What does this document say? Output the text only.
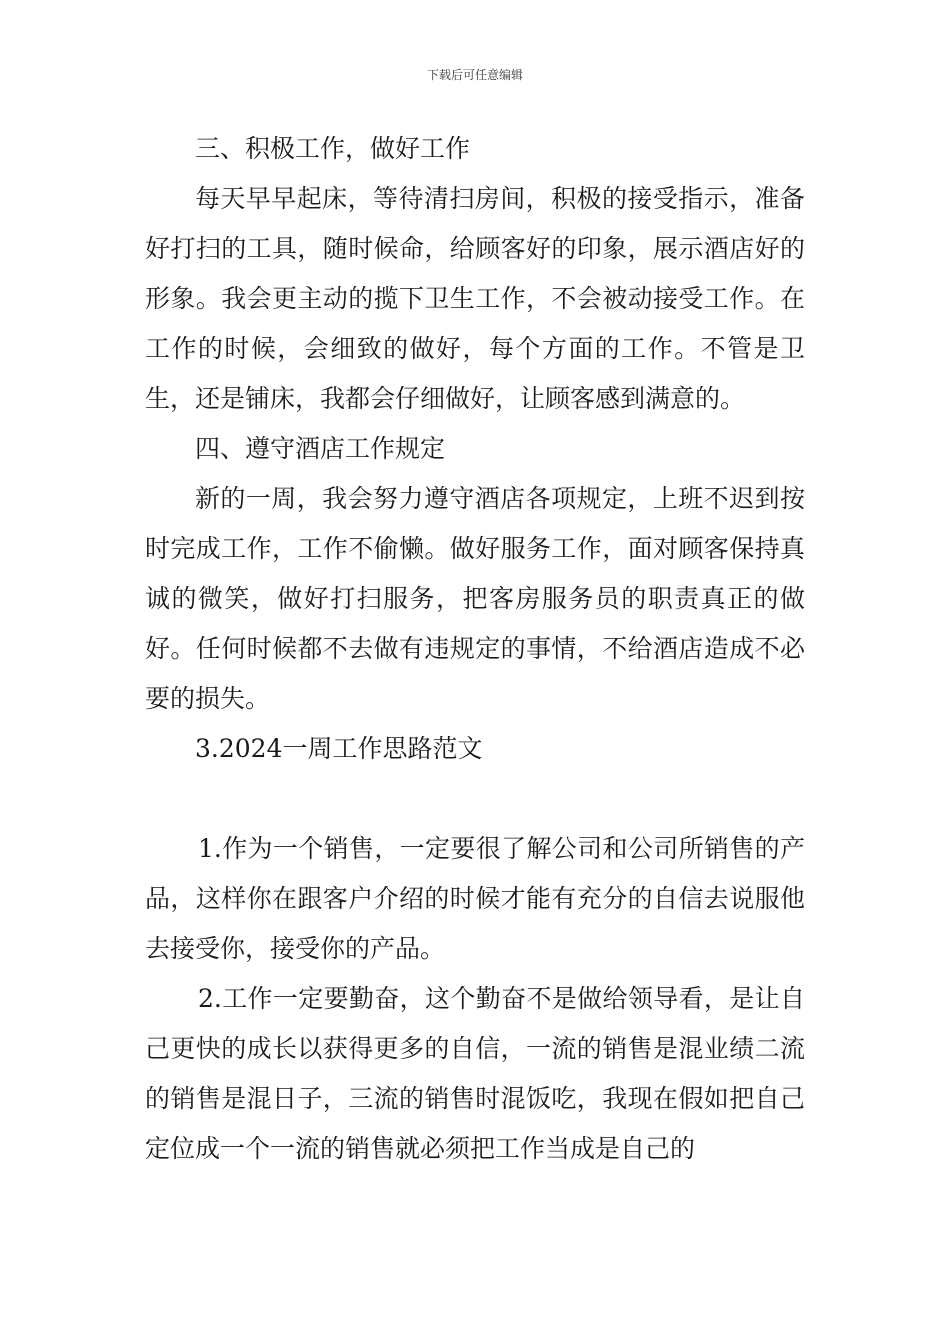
下载后可任意编辑

三、积极工作，做好工作

每天早早起床，等待清扫房间，积极的接受指示，准备好打扫的工具，随时候命，给顾客好的印象，展示酒店好的形象。我会更主动的揽下卫生工作，不会被动接受工作。在工作的时候，会细致的做好，每个方面的工作。不管是卫生，还是铺床，我都会仔细做好，让顾客感到满意的。

四、遵守酒店工作规定

新的一周，我会努力遵守酒店各项规定，上班不迟到按时完成工作，工作不偷懒。做好服务工作，面对顾客保持真诚的微笑，做好打扫服务，把客房服务员的职责真正的做好。任何时候都不去做有违规定的事情，不给酒店造成不必要的损失。

3.2024一周工作思路范文

1.作为一个销售，一定要很了解公司和公司所销售的产品，这样你在跟客户介绍的时候才能有充分的自信去说服他去接受你，接受你的产品。

2.工作一定要勤奋，这个勤奋不是做给领导看，是让自己更快的成长以获得更多的自信，一流的销售是混业绩二流的销售是混日子，三流的销售时混饭吃，我现在假如把自己定位成一个一流的销售就必须把工作当成是自己的
